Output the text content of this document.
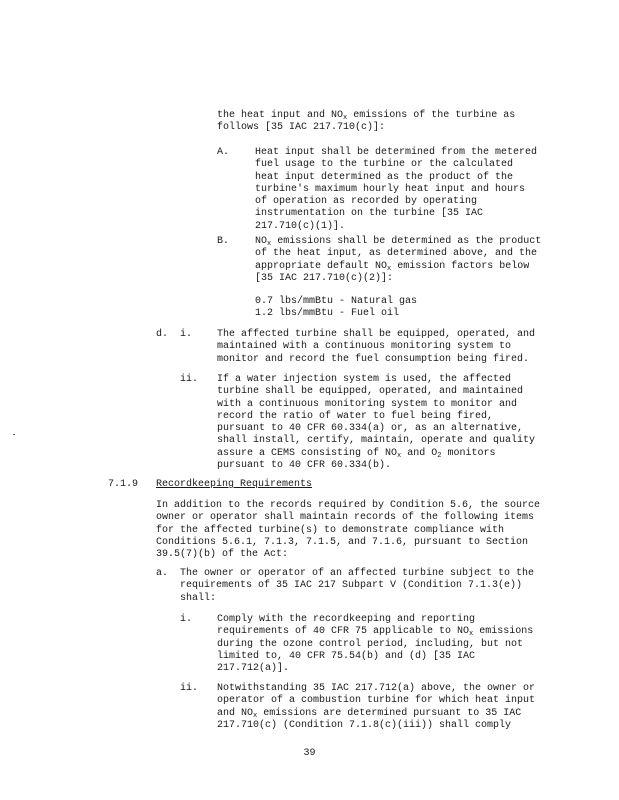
the heat input and $NO_x$ emissions of the turbine as
follows [35 IAC 217.710(c)]:

A.	Heat input shall be determined from the metered
fuel usage to the turbine or the calculated
heat input determined as the product of the
turbine's maximum hourly heat input and hours
of operation as recorded by operating
instrumentation on the turbine [35 IAC
217.710(c)(1)].

B.	$NO_x$ emissions shall be determined as the product
of the heat input, as determined above, and the
appropriate default $NO_x$ emission factors below
[35 IAC 217.710(c)(2)]:
0.7 lbs/mmBtu - Natural gas
1.2 lbs/mmBtu - Fuel oil

d. i. The affected turbine shall be equipped, operated, and
maintained with a continuous monitoring system to
monitor and record the fuel consumption being fired.

ii. If a water injection system is used, the affected
turbine shall be equipped, operated, and maintained
with a continuous monitoring system to monitor and
record the ratio of water to fuel being fired,
pursuant to 40 CFR 60.334(a) or, as an alternative,
shall install, certify, maintain, operate and quality
assure a CEMS consisting of $NO_x$ and $O_2$ monitors
pursuant to 40 CFR 60.334(b).

7.1.9 Recordkeeping Requirements

In addition to the records required by Condition 5.6, the source
owner or operator shall maintain records of the following items
for the affected turbine(s) to demonstrate compliance with
Conditions 5.6.1, 7.1.3, 7.1.5, and 7.1.6, pursuant to Section
39.5(7)(b) of the Act:

a. The owner or operator of an affected turbine subject to the
requirements of 35 IAC 217 Subpart V (Condition 7.1.3(e))
shall:

i. Comply with the recordkeeping and reporting
requirements of 40 CFR 75 applicable to $NO_x$ emissions
during the ozone control period, including, but not
limited to, 40 CFR 75.54(b) and (d) [35 IAC
217.712(a)].

ii. Notwithstanding 35 IAC 217.712(a) above, the owner or
operator of a combustion turbine for which heat input
and $NO_x$ emissions are determined pursuant to 35 IAC
217.710(c) (Condition 7.1.8(c)(iii)) shall comply
39
